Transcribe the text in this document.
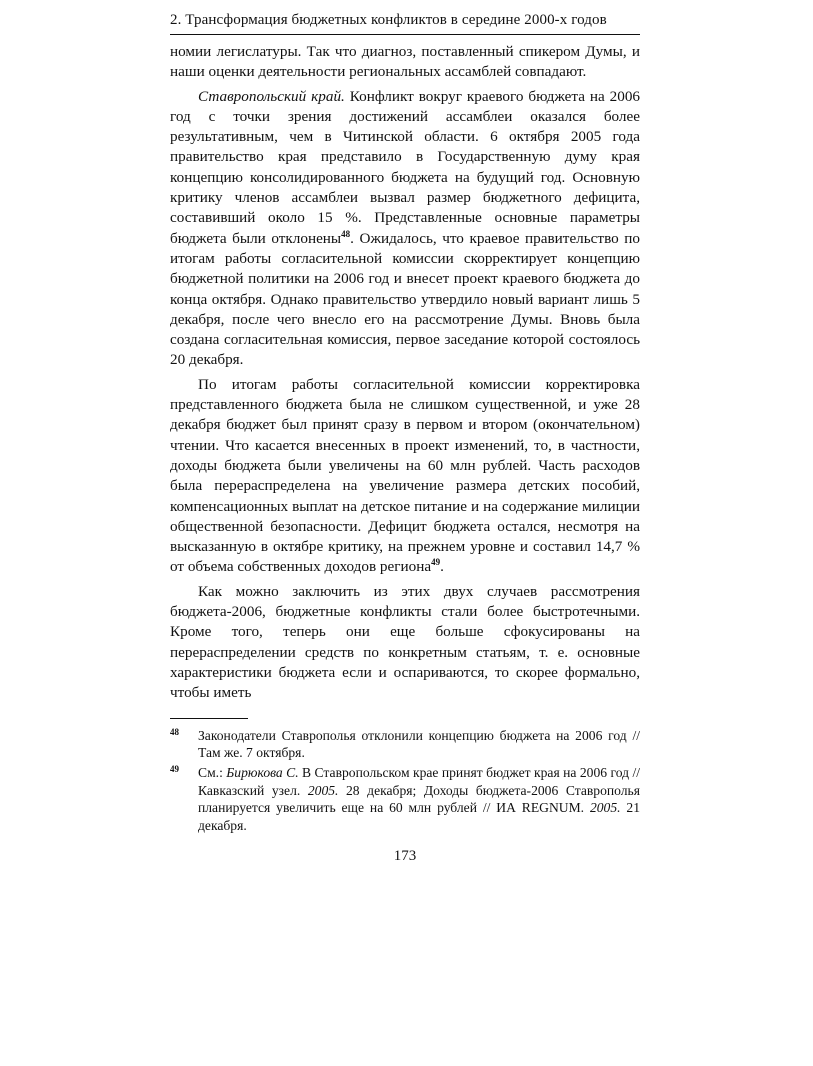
2. Трансформация бюджетных конфликтов в середине 2000-х годов

номии легислатуры. Так что диагноз, поставленный спикером Думы, и наши оценки деятельности региональных ассамблей совпадают.

Ставропольский край. Конфликт вокруг краевого бюджета на 2006 год с точки зрения достижений ассамблеи оказался более результативным, чем в Читинской области. 6 октября 2005 года правительство края представило в Государственную думу края концепцию консолидированного бюджета на будущий год. Основную критику членов ассамблеи вызвал размер бюджетного дефицита, составивший около 15 %. Представленные основные параметры бюджета были отклонены$^{48}$. Ожидалось, что краевое правительство по итогам работы согласительной комиссии скорректирует концепцию бюджетной политики на 2006 год и внесет проект краевого бюджета до конца октября. Однако правительство утвердило новый вариант лишь 5 декабря, после чего внесло его на рассмотрение Думы. Вновь была создана согласительная комиссия, первое заседание которой состоялось 20 декабря.

По итогам работы согласительной комиссии корректировка представленного бюджета была не слишком существенной, и уже 28 декабря бюджет был принят сразу в первом и втором (окончательном) чтении. Что касается внесенных в проект изменений, то, в частности, доходы бюджета были увеличены на 60 млн рублей. Часть расходов была перераспределена на увеличение размера детских пособий, компенсационных выплат на детское питание и на содержание милиции общественной безопасности. Дефицит бюджета остался, несмотря на высказанную в октябре критику, на прежнем уровне и составил 14,7 % от объема собственных доходов региона$^{49}$.

Как можно заключить из этих двух случаев рассмотрения бюджета-2006, бюджетные конфликты стали более быстротечными. Кроме того, теперь они еще больше сфокусированы на перераспределении средств по конкретным статьям, т. е. основные характеристики бюджета если и оспариваются, то скорее формально, чтобы иметь

48	Законодатели Ставрополья отклонили концепцию бюджета на 2006 год // Там же. 7 октября.
49	См.: Бирюкова С. В Ставропольском крае принят бюджет края на 2006 год // Кавказский узел. 2005. 28 декабря; Доходы бюджета-2006 Ставрополья планируется увеличить еще на 60 млн рублей // ИА REGNUM. 2005. 21 декабря.
173
